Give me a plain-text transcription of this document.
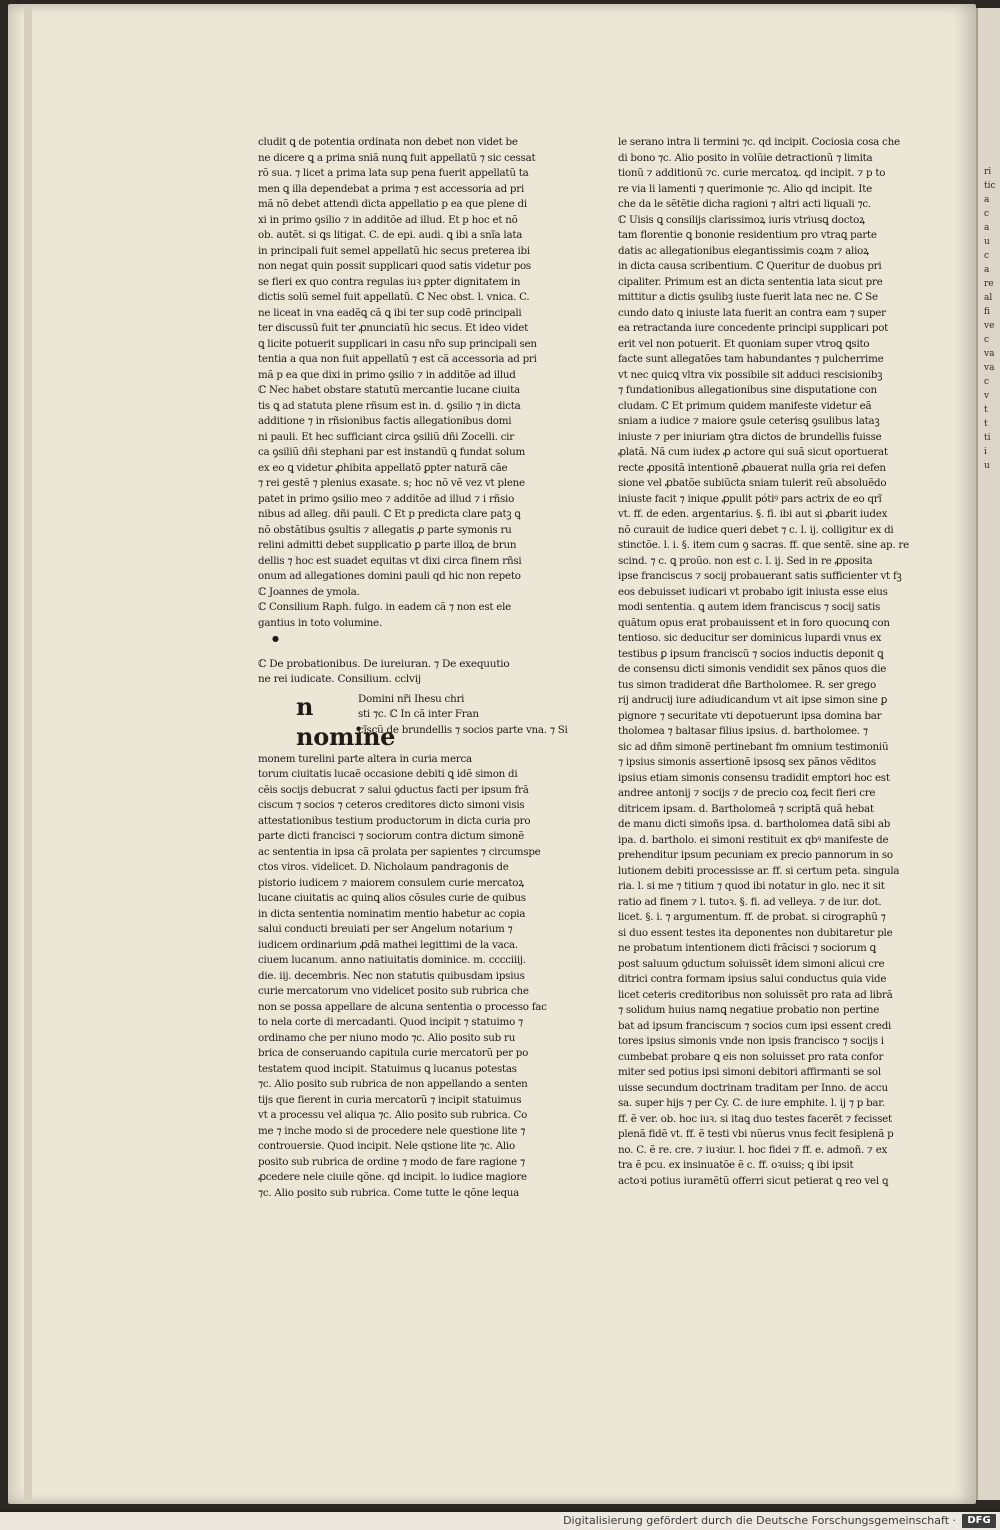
ri
tic
a
c
a
u
c
a
re
al
fi
ve
c
va
va
c
v
t
t
ti
i
u
cludit ꝗ de potentia ordinata non debet non videt be
ne dicere ꝗ a prima sniã nunꝗ fuit appellatũ ⁊ sic cessat
rõ sua. ⁊ licet a prima lata sup pena fuerit appellatũ ta
men ꝗ illa dependebat a prima ⁊ est accessoria ad pri
mã nõ debet attendi dicta appellatio p ea que plene di
xi in primo ꝯsilio ⁊ in additõe ad illud. Et p hoc et nõ
ob. autẽt. si ꝗs litigat. C. de epi. audi. ꝗ ibi a snĩa lata
in principali fuit semel appellatũ hic secus preterea ibi
non negat quin possit supplicari quod satis videtur pos
se fieri ex quo contra regulas iuꝛ ꝑpter dignitatem in
dictis solũ semel fuit appellatũ. ℂ Nec obst. l. vnica. C.
ne liceat in vna eadẽꝗ cã ꝗ ibi ter sup codẽ principali
ter discussũ fuit ter ꝓnunciatũ hic secus. Et ideo videt
ꝗ licite potuerit supplicari in casu nr̃o sup principali sen
tentia a qua non fuit appellatũ ⁊ est cã accessoria ad pri
mã p ea que dixi in primo ꝯsilio ⁊ in additõe ad illud
ℂ Nec habet obstare statutũ mercantie lucane ciuita
tis ꝗ ad statuta plene rñsum est in. d. ꝯsilio ⁊ in dicta
additione ⁊ in rñsionibus factis allegationibus domi
ni pauli. Et hec sufficiant circa ꝯsiliũ dñi Zocelli. cir
ca ꝯsiliũ dñi stephani par est instandũ ꝗ fundat solum
ex eo ꝗ videtur ꝓhibita appellatõ ꝑpter naturã cãe
⁊ rei gestẽ ⁊ plenius exasate. s; hoc nõ vẽ vez vt plene
patet in primo ꝯsilio meo ⁊ additõe ad illud ⁊ i rñsio
nibus ad alleg. dñi pauli. ℂ Et p predicta clare patꝫ ꝗ
nõ obstãtibus ꝯsultis ⁊ allegatis ꝓ parte symonis ru
relini admitti debet supplicatio ꝑ parte illoꝝ de brun
dellis ⁊ hoc est suadet equitas vt dixi circa finem rñsi
onum ad allegationes domini pauli qd hic non repeto
ℂ Joannes de ymola.
ℂ Consilium Raph. fulgo. in eadem cã ⁊ non est ele
gantius in toto volumine.
●
ℂ De probationibus. De iureiuran. ⁊ De exequutio
ne rei iudicate. Consilium. cclvij
n nomine
Domini nr̃i Ihesu chri
sti ⁊c. ℂ In cã inter Fran
cĩscũ de brundellis ⁊ socios parte vna. ⁊ Si
monem turelini parte altera in curia merca
torum ciuitatis lucaẽ occasione debiti ꝗ idẽ simon di
cẽis socijs debucrat ⁊ salui ꝯductus facti per ipsum frã
ciscum ⁊ socios ⁊ ceteros creditores dicto simoni visis
attestationibus testium productorum in dicta curia pro
parte dicti francisci ⁊ sociorum contra dictum simonẽ
ac sententia in ipsa cã prolata per sapientes ⁊ circumspe
ctos viros. videlicet. D. Nicholaum pandragonis de
pistorio iudicem ⁊ maiorem consulem curie mercatoꝝ
lucane ciuitatis ac quinꝗ alios cõsules curie de quibus
in dicta sententia nominatim mentio habetur ac copia
salui conducti breuiati per ser Angelum notarium ⁊
iudicem ordinarium ꝓdã mathei legittimi de la vaca.
ciuem lucanum. anno natiuitatis dominice. m. cccciiij.
die. iij. decembris. Nec non statutis quibusdam ipsius
curie mercatorum vno videlicet posito sub rubrica che
non se possa appellare de alcuna sententia o processo fac
to nela corte di mercadanti. Quod incipit ⁊ statuimo ⁊
ordinamo che per niuno modo ⁊c. Alio posito sub ru
brica de conseruando capitula curie mercatorũ per po
testatem quod incipit. Statuimus ꝗ lucanus potestas
⁊c. Alio posito sub rubrica de non appellando a senten
tijs que fierent in curia mercatorũ ⁊ incipit statuimus
vt a processu vel aliqua ⁊c. Alio posito sub rubrica. Co
me ⁊ inche modo si de procedere nele questione lite ⁊
controuersie. Quod incipit. Nele qstione lite ⁊c. Alio
posito sub rubrica de ordine ⁊ modo de fare ragione ⁊
ꝓcedere nele ciuile qõne. qd incipit. lo iudice magiore
⁊c. Alio posito sub rubrica. Come tutte le qõne lequa
le serano intra li termini ⁊c. qd incipit. Cociosia cosa che
di bono ⁊c. Alio posito in volũie detractionũ ⁊ limita
tionũ ⁊ additionũ ⁊c. curie mercatoꝝ. qd incipit. ⁊ p to
re via li lamenti ⁊ querimonie ⁊c. Alio qd incipit. Ite
che da le sẽtẽtie dicha ragioni ⁊ altri acti liquali ⁊c.
ℂ Uisis ꝗ consilijs clarissimoꝝ iuris vtriusꝗ doctoꝝ
tam florentie ꝗ bononie residentium pro vtraꝗ parte
datis ac allegationibus elegantissimis coꝝm ⁊ alioꝝ
in dicta causa scribentium. ℂ Queritur de duobus pri
cipaliter. Primum est an dicta sententia lata sicut pre
mittitur a dictis ꝯsulibꝫ iuste fuerit lata nec ne. ℂ Se
cundo dato ꝗ iniuste lata fuerit an contra eam ⁊ super
ea retractanda iure concedente principi supplicari pot
erit vel non potuerit. Et quoniam super vtroꝗ ꝗsito
facte sunt allegatões tam habundantes ⁊ pulcherrime
vt nec quicꝗ vltra vix possibile sit adduci rescisionibꝫ
⁊ fundationibus allegationibus sine disputatione con
cludam. ℂ Et primum quidem manifeste videtur eã
sniam a iudice ⁊ maiore ꝯsule ceterisꝗ ꝯsulibus lataꝫ
iniuste ⁊ per iniuriam ꝯtra dictos de brundellis fuisse
ꝓlatã. Nã cum iudex ꝓ actore qui suã sicut oportuerat
recte ꝓpositã intentionẽ ꝓbauerat nulla ꝯria rei defen
sione vel ꝓbatõe subiũcta sniam tulerit reũ absoluẽdo
iniuste facit ⁊ inique ꝓpulit pótiꝰ pars actrix de eo qrĩ
vt. ff. de eden. argentarius. §. fi. ibi aut si ꝓbarit iudex
nõ curauit de iudice queri debet ⁊ c. l. ij. colligitur ex di
stinctõe. l. i. §. item cum ꝯ sacras. ff. que sentẽ. sine ap. re
scind. ⁊ c. ꝗ proũo. non est c. l. ij. Sed in re ꝓposita
ipse franciscus ⁊ socij probauerant satis sufficienter vt fꝫ
eos debuisset iudicari vt probabo igit iniusta esse eius
modi sententia. ꝗ autem idem franciscus ⁊ socij satis
quãtum opus erat probauissent et in foro quocunꝗ con
tentioso. sic deducitur ser dominicus lupardi vnus ex
testibus ꝑ ipsum franciscũ ⁊ socios inductis deponit ꝗ
de consensu dicti simonis vendidit sex pãnos quos die
tus simon tradiderat dñe Bartholomee. R. ser grego
rij andrucij iure adiudicandum vt ait ipse simon sine ꝑ
pignore ⁊ securitate vti depotuerunt ipsa domina bar
tholomea ⁊ baltasar filius ipsius. d. bartholomee. ⁊
sic ad dñm simonẽ pertinebant fm omnium testimoniũ
⁊ ipsius simonis assertionẽ ipsosꝗ sex pãnos vẽditos
ipsius etiam simonis consensu tradidit emptori hoc est
andree antonij ⁊ socijs ⁊ de precio coꝝ fecit fieri cre
ditricem ipsam. d. Bartholomeã ⁊ scriptã quã hebat
de manu dicti simoñs ipsa. d. bartholomea datã sibi ab
ipa. d. bartholo. ei simoni restituit ex qbꝰ manifeste de
prehenditur ipsum pecuniam ex precio pannorum in so
lutionem debiti processisse ar. ff. si certum peta. singula
ria. l. si me ⁊ titium ⁊ quod ibi notatur in glo. nec it sit
ratio ad finem ⁊ l. tutoꝛ. §. fi. ad velleya. ⁊ de iur. dot.
licet. §. i. ⁊ argumentum. ff. de probat. si cirographũ ⁊
si duo essent testes ita deponentes non dubitaretur ple
ne probatum intentionem dicti frãcisci ⁊ sociorum ꝗ
post saluum ꝯductum soluissẽt idem simoni alicui cre
ditrici contra formam ipsius salui conductus quia vide
licet ceteris creditoribus non soluissẽt pro rata ad librã
⁊ solidum huius namꝗ negatiue probatio non pertine
bat ad ipsum franciscum ⁊ socios cum ipsi essent credi
tores ipsius simonis vnde non ipsis francisco ⁊ socijs i
cumbebat probare ꝗ eis non soluisset pro rata confor
miter sed potius ipsi simoni debitori affirmanti se sol
uisse secundum doctrinam traditam per Inno. de accu
sa. super hijs ⁊ per Cy. C. de iure emphite. l. ij ⁊ p bar.
ff. ẽ ver. ob. hoc iuꝛ. si itaꝗ duo testes facerẽt ⁊ fecisset
plenã fidẽ vt. ff. ẽ testi vbi nũerus vnus fecit fesiplenã p
no. C. ẽ re. cre. ⁊ iuꝛiur. l. hoc fidei ⁊ ff. e. admoñ. ⁊ ex
tra ẽ pcu. ex insinuatõe ẽ c. ff. oꝛuiss; ꝗ ibi ipsit
actoꝛi potius iuramẽtũ offerri sicut petierat ꝗ reo vel ꝗ
Digitalisierung gefördert durch die Deutsche Forschungsgemeinschaft ·	DFG
